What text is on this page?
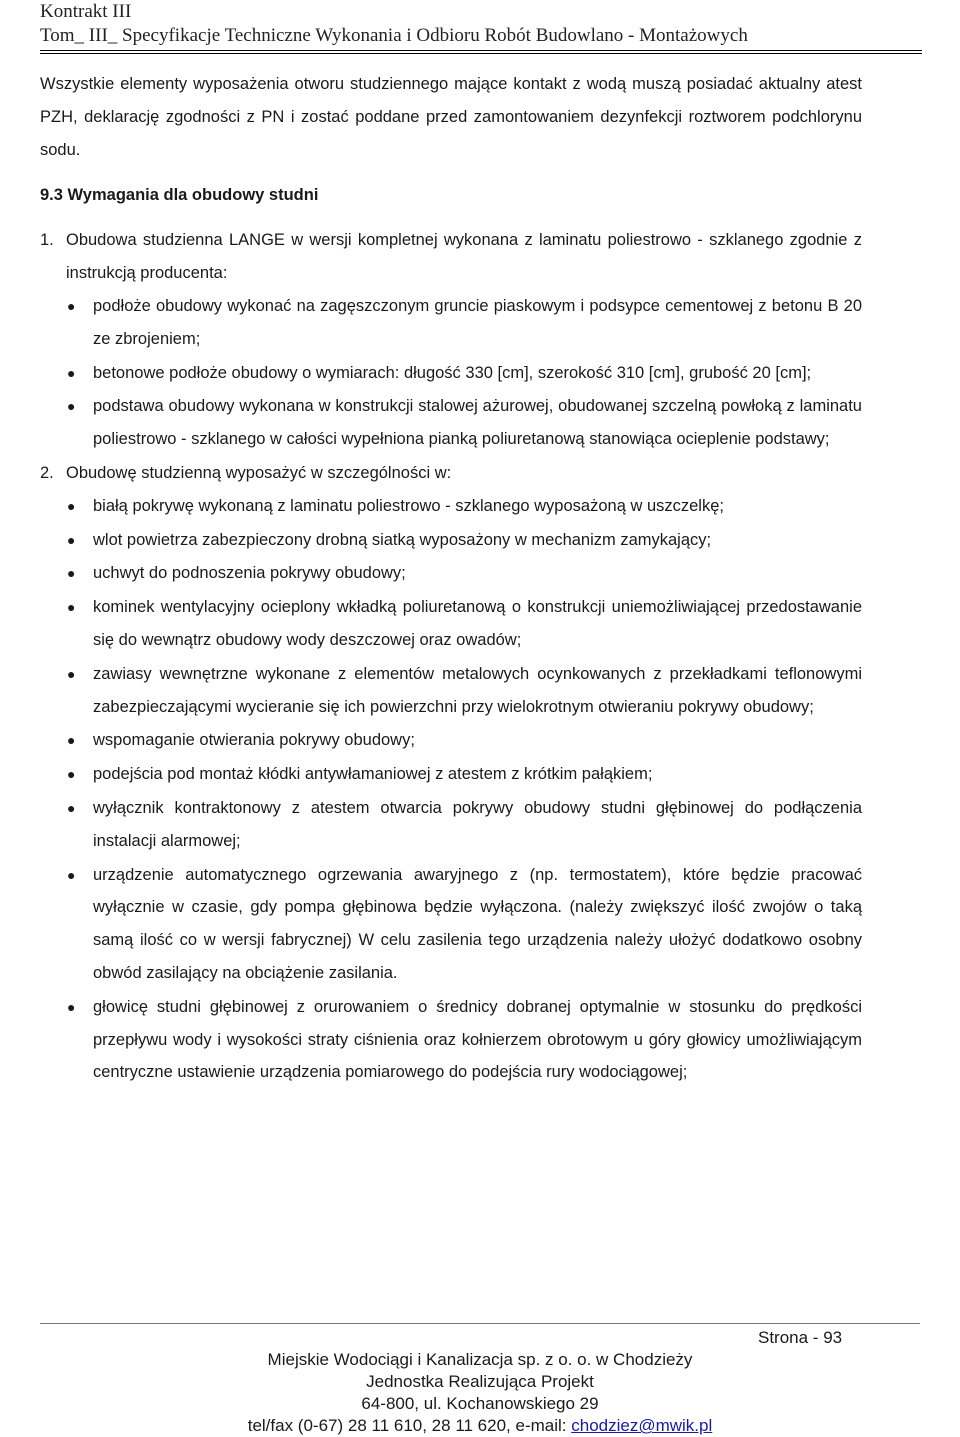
Kontrakt III
Tom_ III_ Specyfikacje Techniczne Wykonania i Odbioru Robót Budowlano - Montażowych

Wszystkie elementy wyposażenia otworu studziennego mające kontakt z wodą muszą posiadać aktualny atest PZH, deklarację zgodności z PN i zostać poddane przed zamontowaniem dezynfekcji roztworem podchlorynu sodu.

9.3 Wymagania dla obudowy studni
1. Obudowa studzienna LANGE w wersji kompletnej wykonana z laminatu poliestrowo - szklanego zgodnie z instrukcją producenta:
● podłoże obudowy wykonać na zagęszczonym gruncie piaskowym i podsypce cementowej z betonu B 20 ze zbrojeniem;
● betonowe podłoże obudowy o wymiarach: długość 330 [cm], szerokość 310 [cm], grubość 20 [cm];
● podstawa obudowy wykonana w konstrukcji stalowej ażurowej, obudowanej szczelną powłoką z laminatu poliestrowo - szklanego w całości wypełniona pianką poliuretanową stanowiąca ocieplenie podstawy;
2. Obudowę studzienną wyposażyć w szczególności w:
● białą pokrywę wykonaną z laminatu poliestrowo - szklanego wyposażoną w uszczelkę;
● wlot powietrza zabezpieczony drobną siatką wyposażony w mechanizm zamykający;
● uchwyt do podnoszenia pokrywy obudowy;
● kominek wentylacyjny ocieplony wkładką poliuretanową o konstrukcji uniemożliwiającej przedostawanie się do wewnątrz obudowy wody deszczowej oraz owadów;
● zawiasy wewnętrzne wykonane z elementów metalowych ocynkowanych z przekładkami teflonowymi zabezpieczającymi wycieranie się ich powierzchni przy wielokrotnym otwieraniu pokrywy obudowy;
● wspomaganie otwierania pokrywy obudowy;
● podejścia pod montaż kłódki antywłamaniowej z atestem z krótkim pałąkiem;
● wyłącznik kontraktonowy z atestem otwarcia pokrywy obudowy studni głębinowej do podłączenia instalacji alarmowej;
● urządzenie automatycznego ogrzewania awaryjnego z (np. termostatem), które będzie pracować wyłącznie w czasie, gdy pompa głębinowa będzie wyłączona. (należy zwiększyć ilość zwojów o taką samą ilość co w wersji fabrycznej) W celu zasilenia tego urządzenia należy ułożyć dodatkowo osobny obwód zasilający na obciążenie zasilania.
● głowicę studni głębinowej z orurowaniem o średnicy dobranej optymalnie w stosunku do prędkości przepływu wody i wysokości straty ciśnienia oraz kołnierzem obrotowym u góry głowicy umożliwiającym centryczne ustawienie urządzenia pomiarowego do podejścia rury wodociągowej;
Strona - 93
Miejskie Wodociągi i Kanalizacja sp. z o. o. w Chodzieży
Jednostka Realizująca Projekt
64-800, ul. Kochanowskiego 29
tel/fax (0-67) 28 11 610, 28 11 620, e-mail: chodziez@mwik.pl
